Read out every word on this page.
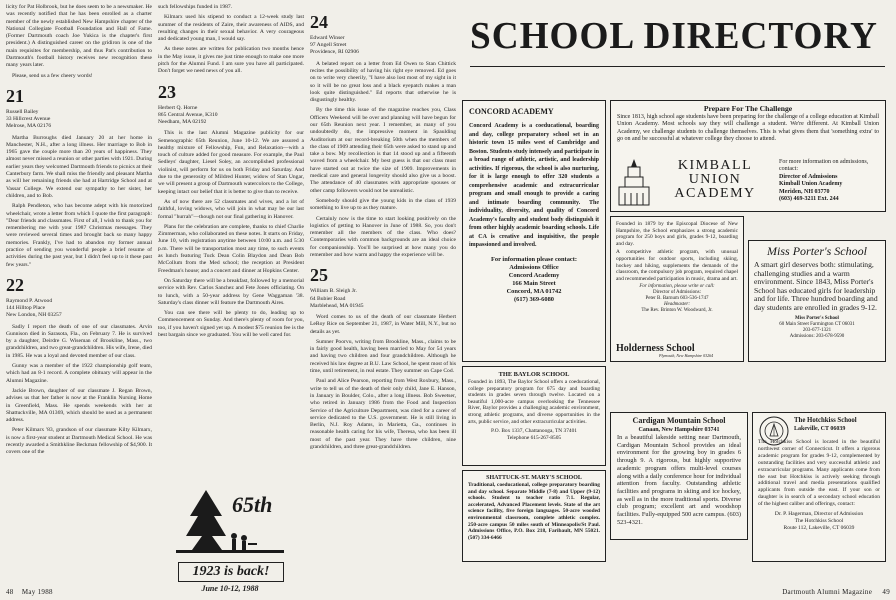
licity for Pat Holbrook, but he does seem to be a newsmaker. He was recently notified that he has been enrolled as a charter member of the newly established New Hampshire chapter of the National Collegiate Football Foundation and Hall of Fame. (Former Dartmouth coach Joe Yukica is the chapter's first president.) A distinguished career on the gridiron is one of the main requisites for membership, and thus Pat's contribution to Dartmouth's football history receives new recognition these many years later.

Please, send us a few cheery words!

21
Russell Bailey
33 Hillcrest Avenue
Melrose, MA 02176

Martha Burroughs died January 20 at her home in Manchester, N.H., after a long illness. Her marriage to Bob in 1965 gave the couple more than 20 years of happiness. They almost never missed a reunion or other parties with 1921. During earlier years they welcomed Dartmouth friends to picnics at their Canterbury farm. We shall miss the friendly and pleasant Martha as will her remaining friends she had at Hartridge School and at Vassar College. We extend our sympathy to her sister, her children, and to Bob.

Ralph Pendleton, who has become adept with his motorized wheelchair, wrote a letter from which I quote the first paragraph: "Dear friends and classmates. First of all, I wish to thank you for remembering me with your 1987 Christmas messages. They were reviewed several times and brought back so many happy memories. Frankly, I've had to abandon my former annual practice of sending you wonderful people a brief resume of activities during the past year, but I didn't feel up to it these past few years."

22
Raymond P. Atwood
144 Hilltop Place
New London, NH 03257

Sadly I report the death of one of our classmates. Arvin Gunnison died in Sarasota, Fla., on February 7. He is survived by a daughter, Deirdre G. Wiseman of Brookline, Mass., two grandchildren, and two great-grandchildren. His wife, Irene, died in 1985. He was a loyal and devoted member of our class.

Gunny was a member of the 1922 championship golf team, which had an 8-1 record. A complete obituary will appear in the Alumni Magazine.

Jackie Brown, daughter of our classmate J. Regan Brown, advises us that her father is now at the Franklin Nursing Home in Greenfield, Mass. He spends weekends with her at Shattuckville, MA 01369, which should be used as a permanent address.

Peter Kilmarx '83, grandson of our classmate Kilty Kilmarx, is now a first-year student at Dartmouth Medical School. He was recently awarded a Smithkline Beckman fellowship of $4,900. It covers one of the

such fellowships funded in 1987.

Kilmarx used his stipend to conduct a 12-week study last summer of the residents of Zaire, their awareness of AIDS, and resulting changes in their sexual behavior. A very courageous and dedicated young man, I would say.

As these notes are written for publication two months hence in the May issue, it gives me just time enough to make one more pitch for the Alumni Fund. I am sure you have all participated. Don't forget we need news of you all.

23
Herbert Q. Horne
865 Central Avenue, K310
Needham, MA 02192

This is the last Alumni Magazine publicity for our Semenographic 65th Reunion, June 10-12. We are assured a healthy mixture of Fellowship, Fun, and Relaxation—with a touch of culture added for good measure. For example, the Paul Sedleys' daughter, Liesel Soley, an accomplished professional violinist, will perform for us on both Friday and Saturday. And due to the generosity of Mildred Hunter, widow of Stan Ungar, we will present a group of Dartmouth watercolors to the College, keeping intact our belief that it is better to give than to receive.

As of now there are 52 classmates and wives, and a lot of faithful, loving widows, who will join in what may be our last formal "hurrah"—though not our final gathering in Hanover.

Plans for the celebration are complete, thanks to chief Charlie Zimmerman, who collaborated on these notes. It starts on Friday, June 10, with registration anytime between 10:00 a.m. and 5:30 p.m. There will be transportation most any time, to such events as lunch featuring Tuck Dean Colin Blaydon and Dean Bob McCollum from the Med school; the reception at President Freedman's house; and a concert and dinner at Hopkins Center.

On Saturday there will be a breakfast, followed by a memorial service with Rev. Carlos Sanchez and Fete Jones officiating. On to lunch, with a 50-year address by Gene Waggaman '38. Saturday's class dinner will feature the Dartmouth Aires.

You can see there will be plenty to do, leading up to Commencement on Sunday. And there's plenty of room for you, too, if you haven't signed yet up. A modest $75 reunion fee is the best bargain since we graduated. You will be well cared for.

65th
1923 is back!
June 10-12, 1988
24
Edward Winser
97 Angell Street
Providence, RI 02906

A belated report on a letter from Ed Owen to Stan Chittick recites the possibility of having his right eye removed. Ed goes on to write very cheerily, "I have also lost most of my sight in it so it will be no great loss and a black eyepatch makes a man look quite distinguished." Ed reports that otherwise he is disgustingly healthy.

By the time this issue of the magazine reaches you, Class Officers Weekend will be over and planning will have begun for our 65th Reunion next year. I remember, as many of you undoubtedly do, the impressive moment in Spaulding Auditorium at our record-breaking 50th when the members of the class of 1909 attending their 65th were asked to stand up and take a bow. My recollection is that 14 stood up and a fifteenth waved from a wheelchair. My best guess is that our class must have started out at twice the size of 1909. Improvements in medical care and general longevity should also give us a boost. The attendance of 40 classmates with appropriate spouses or other camp followers would not be unrealistic.

Somebody should give the young kids in the class of 1939 something to live up to as they mature.

Certainly now is the time to start looking positively on the logistics of getting to Hanover in June of 1988. So, you don't remember all the members of the class. Who does? Contemporaries with common backgrounds are an ideal choice for companionship. You'll be surprised at how many you do remember and how warm and happy the experience will be.

25
William B. Sleigh Jr.
64 Bubier Road
Marblehead, MA 01945

Word comes to us of the death of our classmate Herbert LeRoy Rice on September 21, 1987, in Water Mill, N.Y., but no details as yet.

Sumner Poorvu, writing from Brookline, Mass., claims to be in fairly good health, having been married to May for 54 years and having two children and four grandchildren. Although he received his law degree at B.U. Law School, he spent most of his time, until retirement, in real estate. They summer on Cape Cod.

Paul and Alice Pearson, reporting from West Roxbury, Mass., write to tell us of the death of their only child, Jane E. Hanson, in January in Boulder, Colo., after a long illness. Bob Sweetser, who retired in January 1986 from the Food and Inspection Service of the Agriculture Department, was cited for a career of service dedicated to the U.S. government. He is still living in Berlin, N.J. Roy Adams, in Marietta, Ga., continues in reasonable health caring for his wife, Theresa, who has been ill most of the past year. They have three children, nine grandchildren, and three great-grandchildren.

48 May 1988	Dartmouth Alumni Magazine 49
SCHOOL DIRECTORY
CONCORD ACADEMY
Concord Academy is a coeducational, boarding and day, college preparatory school set in an historic town 15 miles west of Cambridge and Boston. Students study intensely and participate in a broad range of athletic, artistic, and leadership activities. If rigorous, the school is also nurturing, for it is large enough to offer 320 students a comprehensive academic and extracurricular program and small enough to provide a caring and intimate boarding community. The individuality, diversity, and quality of Concord Academy's faculty and student body distinguish it from other highly academic boarding schools. Life at CA is creative and inquisitive, the people impassioned and involved.
For information please contact:
Admissions Office
Concord Academy
166 Main Street
Concord, MA 01742
(617) 369-6080
Prepare For The Challenge
Since 1813, high school age students have been preparing for the challenge of a college education at Kimball Union Academy. Most schools say they will challenge a student. We're different. At Kimball Union Academy, we challenge students to challenge themselves. This is what gives them that 'something extra' to go on and be successful at whatever college they choose to attend.
KIMBALL
UNION
ACADEMY
For more information on admissions, contact:
Director of Admissions
Kimball Union Academy
Meriden, NH 03770
(603) 469-3211 Ext. 244
Founded in 1879 by the Episcopal Diocese of New Hampshire, the School emphasizes a strong academic program for 250 boys and girls, grades 9-12, boarding and day.
A competitive athletic program, with unusual opportunities for outdoor sports, including skiing, hockey and hiking, supplements the demands of the classroom, the compulsory job program, required chapel and recommended participation in music, drama and art.
For information, please write or call:
Director of Admissions:
Peter B. Barnum 603-536-1747
Headmaster:
The Rev. Brinton W. Woodward, Jr.
Holderness School
Plymouth, New Hampshire 03264
Miss Porter's School
A smart girl deserves both: stimulating, challenging studies and a warm environment. Since 1843, Miss Porter's School has educated girls for leadership and for life. Three hundred boarding and day students are enrolled in grades 9-12.
Miss Porter's School
60 Main Street Farmington CT 06031
203-677-1321
Admissions: 203-678-9590
THE BAYLOR SCHOOL
Founded in 1893, The Baylor School offers a coeducational, college preparatory program for 675 day and boarding students in grades seven through twelve. Located on a beautiful 1,000-acre campus overlooking the Tennessee River, Baylor provides a challenging academic environment, strong athletic programs, and diverse opportunities in the arts, public service, and other extracurricular activities.
P.O. Box 1337, Chattanooga, TN 37401
Telephone 615-267-8505
SHATTUCK-ST. MARY'S SCHOOL
Traditional, coeducational, college preparatory boarding and day school. Separate Middle (7-8) and Upper (9-12) schools. Student to teacher ratio 7:1. Regular, accelerated, Advanced Placement levels. State of the art science facility, five foreign languages. 50-acre wooded environmental classroom, complete athletic complex. 250-acre campus 50 miles south of Minneapolis/St Paul. Admissions Office, P.O. Box 218, Faribault, MN 55021. (507) 334-6466
Cardigan Mountain School
Canaan, New Hampshire 03741
In a beautiful lakeside setting near Dartmouth, Cardigan Mountain School provides an ideal environment for the growing boy in grades 6 through 9. A rigorous, but highly supportive academic program offers multi-level courses along with a daily conference hour for individual attention from faculty. Outstanding athletic facilities and programs in skiing and ice hockey, as well as in the more traditional sports. Diverse club program; excellent art and woodshop facilities. Fully-equipped 500 acre campus. (603) 523-4321.
The Hotchkiss School
Lakeville, CT 06039
The Hotchkiss School is located in the beautiful northwest corner of Connecticut. It offers a rigorous academic program for grades 9-12, complemented by outstanding facilities and very successful athletic and extracurricular programs. Many applicants come from the east but Hotchkiss is actively seeking through additional travel and media presentations qualified applicants from outside the east. If your son or daughter is in search of a secondary school education of the highest caliber and offerings, contact:
Dr. P. Hagerman, Director of Admission
The Hotchkiss School
Route 112, Lakeville, CT 06039
